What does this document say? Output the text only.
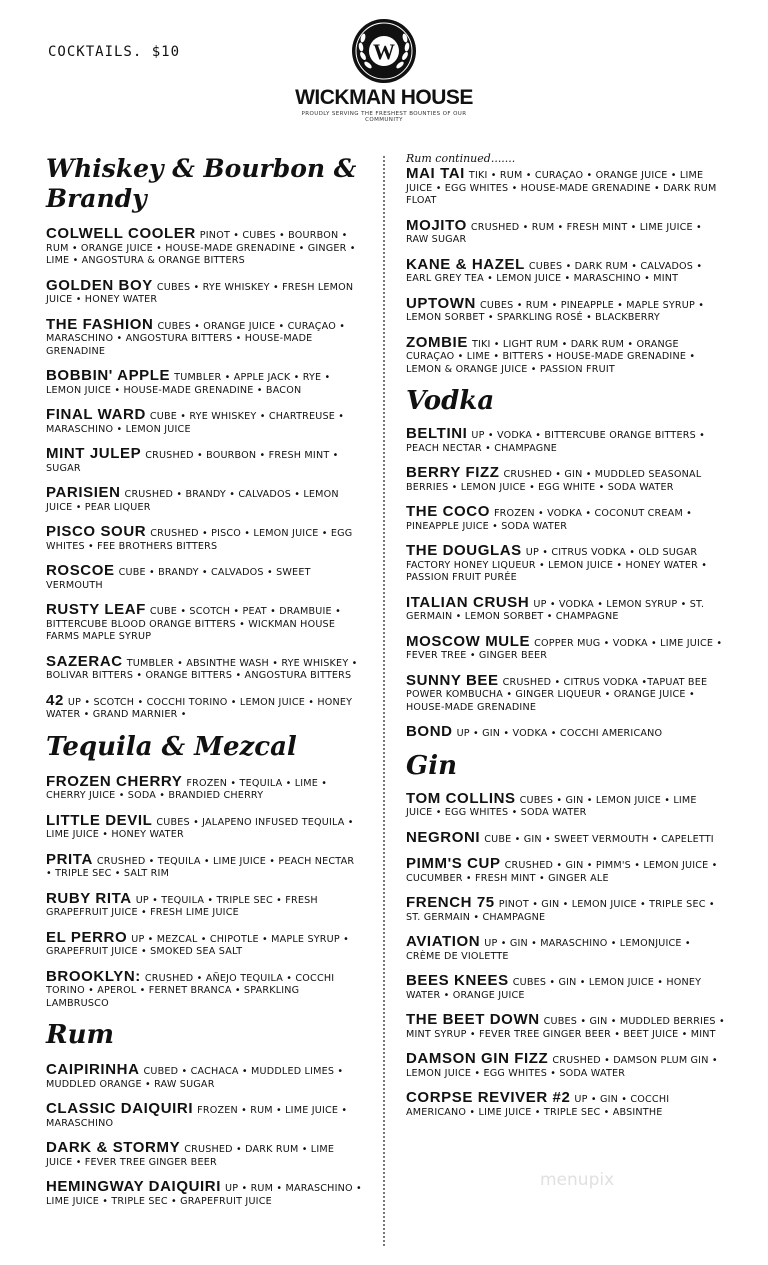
COCKTAILS. $10	W
WICKMAN HOUSE
PROUDLY SERVING THE FRESHEST BOUNTIES OF OUR COMMUNITY
Whiskey & Bourbon & Brandy
COLWELL COOLER PINOT • CUBES • BOURBON • RUM • ORANGE JUICE • HOUSE-MADE GRENADINE • GINGER • LIME • ANGOSTURA & ORANGE BITTERS
GOLDEN BOY CUBES • RYE WHISKEY • FRESH LEMON JUICE • HONEY WATER
THE FASHION CUBES • ORANGE JUICE • CURAÇAO • MARASCHINO • ANGOSTURA BITTERS • HOUSE-MADE GRENADINE
BOBBIN' APPLE TUMBLER • APPLE JACK • RYE • LEMON JUICE • HOUSE-MADE GRENADINE • BACON
FINAL WARD CUBE • RYE WHISKEY • CHARTREUSE • MARASCHINO • LEMON JUICE
MINT JULEP CRUSHED • BOURBON • FRESH MINT • SUGAR
PARISIEN CRUSHED • BRANDY • CALVADOS • LEMON JUICE • PEAR LIQUER
PISCO SOUR CRUSHED • PISCO • LEMON JUICE • EGG WHITES • FEE BROTHERS BITTERS
ROSCOE CUBE • BRANDY • CALVADOS • SWEET VERMOUTH
RUSTY LEAF CUBE • SCOTCH • PEAT • DRAMBUIE • BITTERCUBE BLOOD ORANGE BITTERS • WICKMAN HOUSE FARMS MAPLE SYRUP
SAZERAC TUMBLER • ABSINTHE WASH • RYE WHISKEY • BOLIVAR BITTERS • ORANGE BITTERS • ANGOSTURA BITTERS
42 UP • SCOTCH • COCCHI TORINO • LEMON JUICE • HONEY WATER • GRAND MARNIER •
Tequila & Mezcal
FROZEN CHERRY FROZEN • TEQUILA • LIME • CHERRY JUICE • SODA • BRANDIED CHERRY
LITTLE DEVIL CUBES • JALAPENO INFUSED TEQUILA • LIME JUICE • HONEY WATER
PRITA CRUSHED • TEQUILA • LIME JUICE • PEACH NECTAR • TRIPLE SEC • SALT RIM
RUBY RITA UP • TEQUILA • TRIPLE SEC • FRESH GRAPEFRUIT JUICE • FRESH LIME JUICE
EL PERRO UP • MEZCAL • CHIPOTLE • MAPLE SYRUP • GRAPEFRUIT JUICE • SMOKED SEA SALT
BROOKLYN: CRUSHED • AÑEJO TEQUILA • COCCHI TORINO • APEROL • FERNET BRANCA • SPARKLING LAMBRUSCO
Rum
CAIPIRINHA CUBED • CACHACA • MUDDLED LIMES • MUDDLED ORANGE • RAW SUGAR
CLASSIC DAIQUIRI FROZEN • RUM • LIME JUICE • MARASCHINO
DARK & STORMY CRUSHED • DARK RUM • LIME JUICE • FEVER TREE GINGER BEER
HEMINGWAY DAIQUIRI UP • RUM • MARASCHINO • LIME JUICE • TRIPLE SEC • GRAPEFRUIT JUICE
Rum continued.......
MAI TAI TIKI • RUM • CURAÇAO • ORANGE JUICE • LIME JUICE • EGG WHITES • HOUSE-MADE GRENADINE • DARK RUM FLOAT
MOJITO CRUSHED • RUM • FRESH MINT • LIME JUICE • RAW SUGAR
KANE & HAZEL CUBES • DARK RUM • CALVADOS • EARL GREY TEA • LEMON JUICE • MARASCHINO • MINT
UPTOWN CUBES • RUM • PINEAPPLE • MAPLE SYRUP • LEMON SORBET • SPARKLING ROSÉ • BLACKBERRY
ZOMBIE TIKI • LIGHT RUM • DARK RUM • ORANGE CURAÇAO • LIME • BITTERS • HOUSE-MADE GRENADINE • LEMON & ORANGE JUICE • PASSION FRUIT
Vodka
BELTINI UP • VODKA • BITTERCUBE ORANGE BITTERS • PEACH NECTAR • CHAMPAGNE
BERRY FIZZ CRUSHED • GIN • MUDDLED SEASONAL BERRIES • LEMON JUICE • EGG WHITE • SODA WATER
THE COCO FROZEN • VODKA • COCONUT CREAM • PINEAPPLE JUICE • SODA WATER
THE DOUGLAS UP • CITRUS VODKA • OLD SUGAR FACTORY HONEY LIQUEUR • LEMON JUICE • HONEY WATER • PASSION FRUIT PURÉE
ITALIAN CRUSH UP • VODKA • LEMON SYRUP • ST. GERMAIN • LEMON SORBET • CHAMPAGNE
MOSCOW MULE COPPER MUG • VODKA • LIME JUICE • FEVER TREE • GINGER BEER
SUNNY BEE CRUSHED • CITRUS VODKA •TAPUAT BEE POWER KOMBUCHA • GINGER LIQUEUR • ORANGE JUICE • HOUSE-MADE GRENADINE
BOND UP • GIN • VODKA • COCCHI AMERICANO
Gin
TOM COLLINS CUBES • GIN • LEMON JUICE • LIME JUICE • EGG WHITES • SODA WATER
NEGRONI CUBE • GIN • SWEET VERMOUTH • CAPELETTI
PIMM'S CUP CRUSHED • GIN • PIMM'S • LEMON JUICE • CUCUMBER • FRESH MINT • GINGER ALE
FRENCH 75 PINOT • GIN • LEMON JUICE • TRIPLE SEC • ST. GERMAIN • CHAMPAGNE
AVIATION UP • GIN • MARASCHINO • LEMONJUICE • CRÈME DE VIOLETTE
BEES KNEES CUBES • GIN • LEMON JUICE • HONEY WATER • ORANGE JUICE
THE BEET DOWN CUBES • GIN • MUDDLED BERRIES • MINT SYRUP • FEVER TREE GINGER BEER • BEET JUICE • MINT
DAMSON GIN FIZZ CRUSHED • DAMSON PLUM GIN • LEMON JUICE • EGG WHITES • SODA WATER
CORPSE REVIVER #2 UP • GIN • COCCHI AMERICANO • LIME JUICE • TRIPLE SEC • ABSINTHE
menupix
